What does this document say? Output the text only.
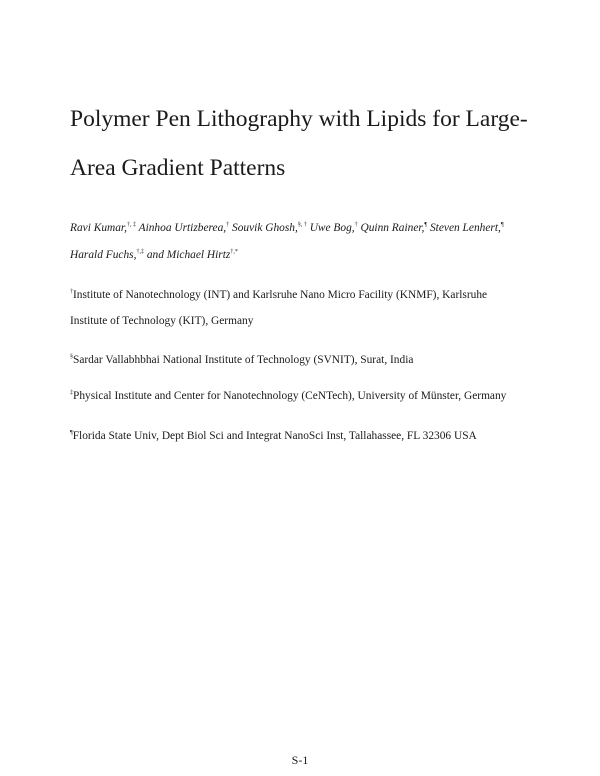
Polymer Pen Lithography with Lipids for Large-
Area Gradient Patterns
Ravi Kumar,†, ‡ Ainhoa Urtizberea,† Souvik Ghosh,§, † Uwe Bog,† Quinn Rainer,¶ Steven Lenhert,¶
Harald Fuchs,†,‡ and Michael Hirtz†,*
†Institute of Nanotechnology (INT) and Karlsruhe Nano Micro Facility (KNMF), Karlsruhe
Institute of Technology (KIT), Germany
§Sardar Vallabhbhai National Institute of Technology (SVNIT), Surat, India
‡Physical Institute and Center for Nanotechnology (CeNTech), University of Münster, Germany
¶Florida State Univ, Dept Biol Sci and Integrat NanoSci Inst, Tallahassee, FL 32306 USA
S-1
